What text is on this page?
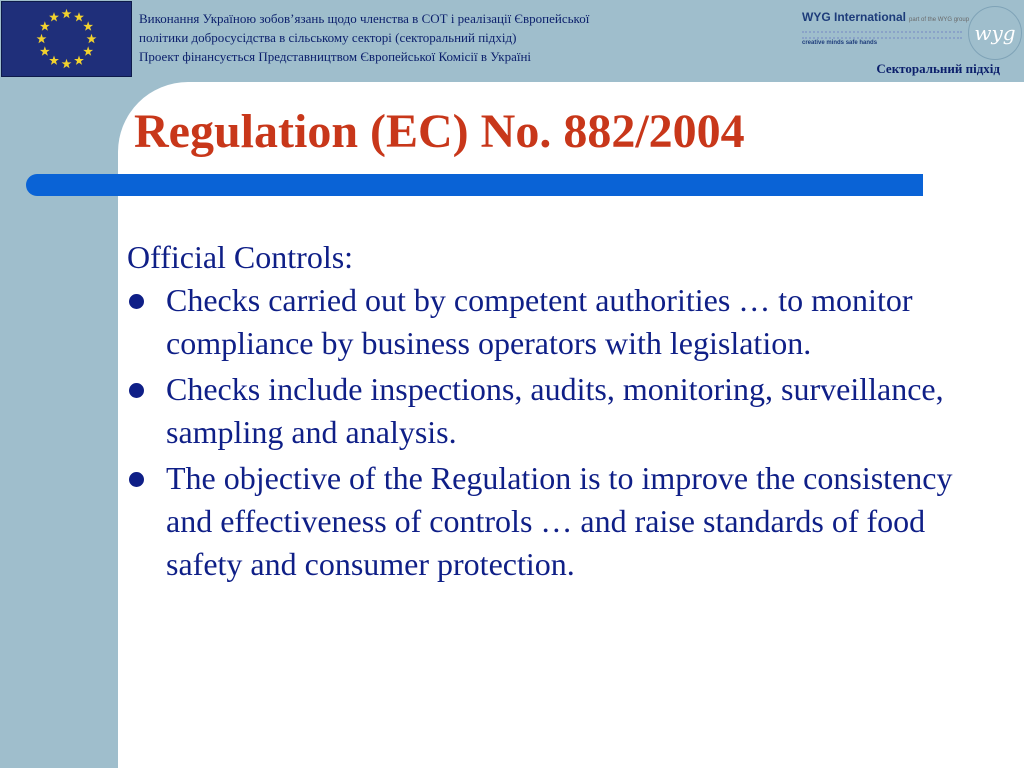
Виконання Україною зобов’язань щодо членства в СОТ і реалізації Європейської
політики добросусідства в сільському секторі (секторальний підхід)
Проект фінансується Представництвом Європейської Комісії в Україні
WYG International part of the WYG group
creative minds safe hands	wyg
Секторальний підхід
Regulation (EC) No. 882/2004
Official Controls:
Checks carried out by competent authorities … to monitor compliance by business operators with legislation.
Checks include inspections, audits, monitoring, surveillance, sampling and analysis.
The objective of the Regulation is to improve the consistency and effectiveness of controls … and raise standards of food safety and consumer protection.
